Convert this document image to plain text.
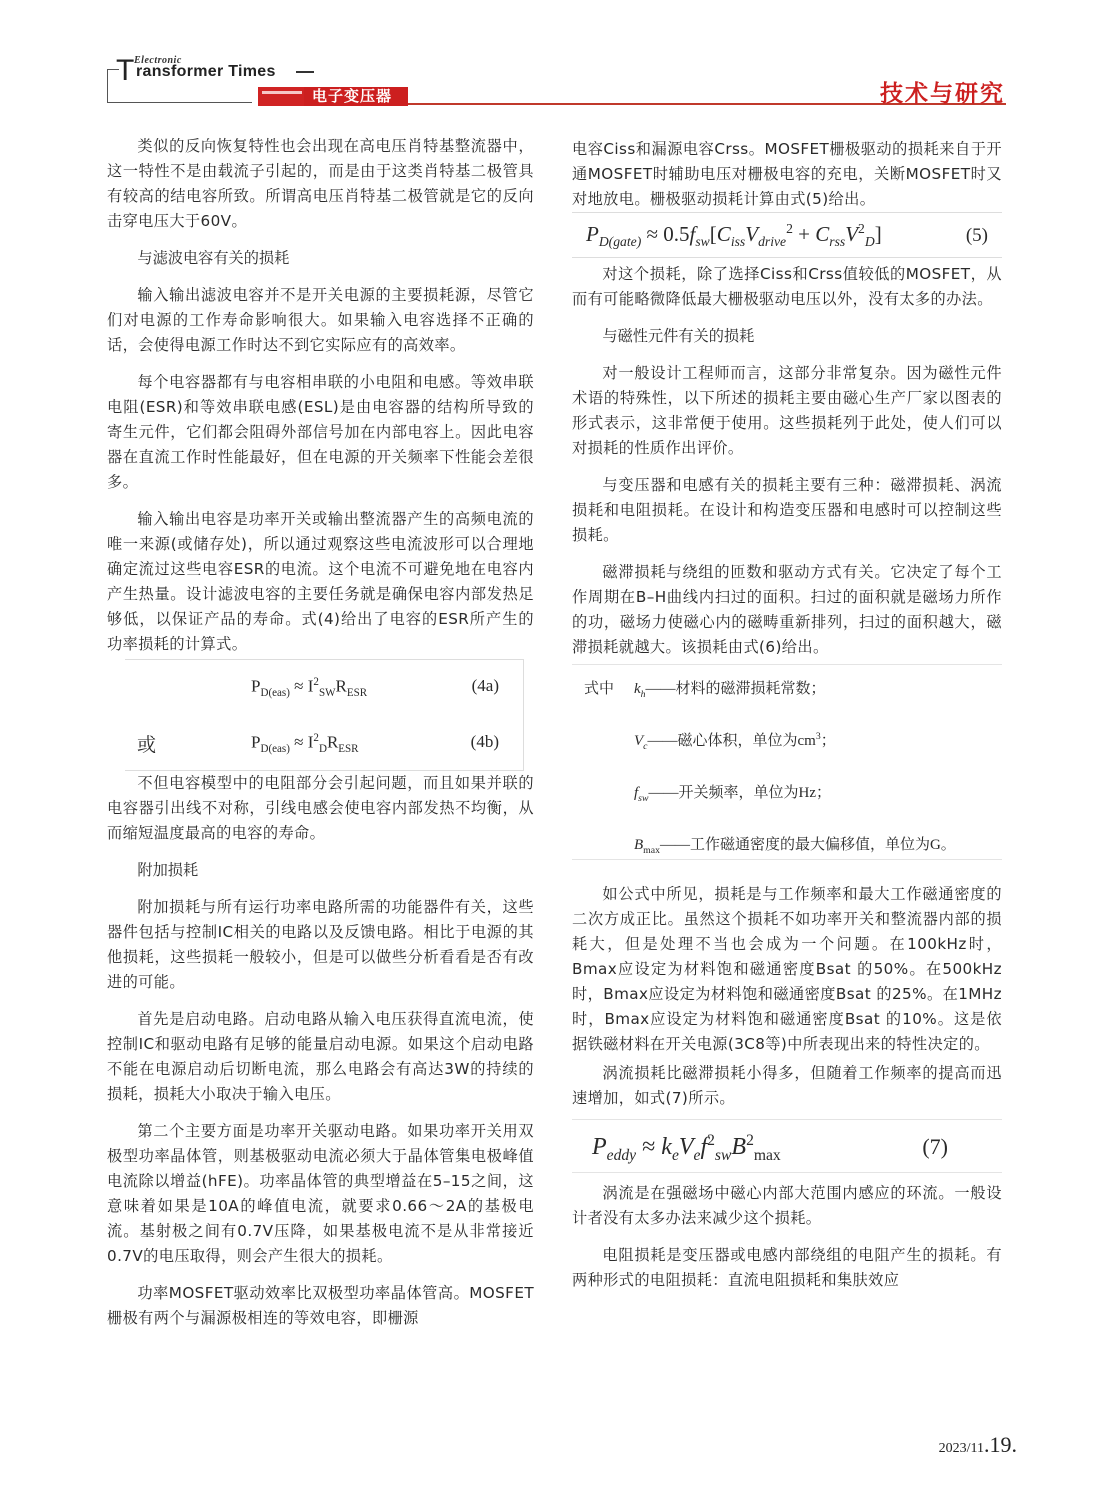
Electronic
T ransformer Times
电子变压器	技术与研究

类似的反向恢复特性也会出现在高电压肖特基整流器中，这一特性不是由载流子引起的，而是由于这类肖特基二极管具有较高的结电容所致。所谓高电压肖特基二极管就是它的反向击穿电压大于60V。

与滤波电容有关的损耗

输入输出滤波电容并不是开关电源的主要损耗源，尽管它们对电源的工作寿命影响很大。如果输入电容选择不正确的话，会使得电源工作时达不到它实际应有的高效率。

每个电容器都有与电容相串联的小电阻和电感。等效串联电阻(ESR)和等效串联电感(ESL)是由电容器的结构所导致的寄生元件，它们都会阻碍外部信号加在内部电容上。因此电容器在直流工作时性能最好，但在电源的开关频率下性能会差很多。

输入输出电容是功率开关或输出整流器产生的高频电流的唯一来源(或储存处)，所以通过观察这些电流波形可以合理地确定流过这些电容ESR的电流。这个电流不可避免地在电容内产生热量。设计滤波电容的主要任务就是确保电容内部发热足够低，以保证产品的寿命。式(4)给出了电容的ESR所产生的功率损耗的计算式。

$P_{D(eas)} \approx I^2_{SW}R_{ESR}$	(4a)
或	$P_{D(eas)} \approx I^2_DR_{ESR}$	(4b)

不但电容模型中的电阻部分会引起问题，而且如果并联的电容器引出线不对称，引线电感会使电容内部发热不均衡，从而缩短温度最高的电容的寿命。

附加损耗

附加损耗与所有运行功率电路所需的功能器件有关，这些器件包括与控制IC相关的电路以及反馈电路。相比于电源的其他损耗，这些损耗一般较小，但是可以做些分析看看是否有改进的可能。

首先是启动电路。启动电路从输入电压获得直流电流，使控制IC和驱动电路有足够的能量启动电源。如果这个启动电路不能在电源启动后切断电流，那么电路会有高达3W的持续的损耗，损耗大小取决于输入电压。

第二个主要方面是功率开关驱动电路。如果功率开关用双极型功率晶体管，则基极驱动电流必须大于晶体管集电极峰值电流除以增益(hFE)。功率晶体管的典型增益在5–15之间，这意味着如果是10A的峰值电流，就要求0.66～2A的基极电流。基射极之间有0.7V压降，如果基极电流不是从非常接近0.7V的电压取得，则会产生很大的损耗。

功率MOSFET驱动效率比双极型功率晶体管高。MOSFET栅极有两个与漏源极相连的等效电容，即栅源

电容Ciss和漏源电容Crss。MOSFET栅极驱动的损耗来自于开通MOSFET时辅助电压对栅极电容的充电，关断MOSFET时又对地放电。栅极驱动损耗计算由式(5)给出。

$P_{D(gate)} \approx 0.5f_{sw}[C_{iss}V_{drive}^2 + C_{rss}V^2_D]$	(5)

对这个损耗，除了选择Ciss和Crss值较低的MOSFET，从而有可能略微降低最大栅极驱动电压以外，没有太多的办法。

与磁性元件有关的损耗

对一般设计工程师而言，这部分非常复杂。因为磁性元件术语的特殊性，以下所述的损耗主要由磁心生产厂家以图表的形式表示，这非常便于使用。这些损耗列于此处，使人们可以对损耗的性质作出评价。

与变压器和电感有关的损耗主要有三种：磁滞损耗、涡流损耗和电阻损耗。在设计和构造变压器和电感时可以控制这些损耗。

磁滞损耗与绕组的匝数和驱动方式有关。它决定了每个工作周期在B–H曲线内扫过的面积。扫过的面积就是磁场力所作的功，磁场力使磁心内的磁畴重新排列，扫过的面积越大，磁滞损耗就越大。该损耗由式(6)给出。

式中 $k_h——$材料的磁滞损耗常数；
$V_c——$磁心体积，单位为$cm^3$；
$f_{sw}——$开关频率，单位为Hz；
$B_{max}——$工作磁通密度的最大偏移值，单位为G。

如公式中所见，损耗是与工作频率和最大工作磁通密度的二次方成正比。虽然这个损耗不如功率开关和整流器内部的损耗大，但是处理不当也会成为一个问题。在100kHz时，Bmax应设定为材料饱和磁通密度Bsat 的50%。在500kHz时，Bmax应设定为材料饱和磁通密度Bsat 的25%。在1MHz时，Bmax应设定为材料饱和磁通密度Bsat 的10%。这是依据铁磁材料在开关电源(3C8等)中所表现出来的特性决定的。

涡流损耗比磁滞损耗小得多，但随着工作频率的提高而迅速增加，如式(7)所示。

$P_{eddy} \approx k_eV_ef^2_{sw}B^2_{max}$	(7)

涡流是在强磁场中磁心内部大范围内感应的环流。一般设计者没有太多办法来减少这个损耗。

电阻损耗是变压器或电感内部绕组的电阻产生的损耗。有两种形式的电阻损耗：直流电阻损耗和集肤效应

2023/11.19.
